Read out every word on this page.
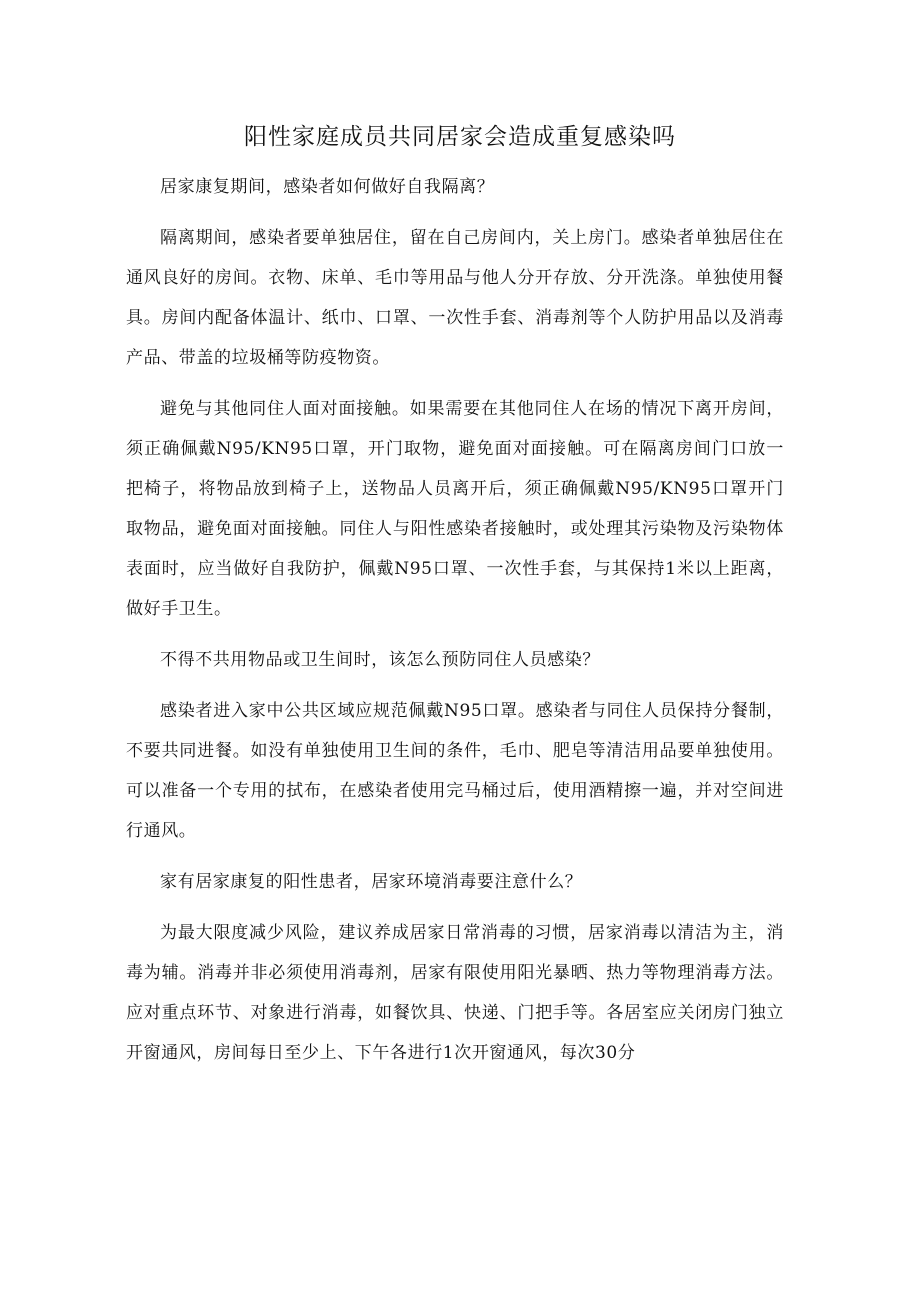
阳性家庭成员共同居家会造成重复感染吗

居家康复期间，感染者如何做好自我隔离？

隔离期间，感染者要单独居住，留在自己房间内，关上房门。感染者单独居住在通风良好的房间。衣物、床单、毛巾等用品与他人分开存放、分开洗涤。单独使用餐具。房间内配备体温计、纸巾、口罩、一次性手套、消毒剂等个人防护用品以及消毒产品、带盖的垃圾桶等防疫物资。

避免与其他同住人面对面接触。如果需要在其他同住人在场的情况下离开房间，须正确佩戴N95/KN95口罩，开门取物，避免面对面接触。可在隔离房间门口放一把椅子，将物品放到椅子上，送物品人员离开后，须正确佩戴N95/KN95口罩开门取物品，避免面对面接触。同住人与阳性感染者接触时，或处理其污染物及污染物体表面时，应当做好自我防护，佩戴N95口罩、一次性手套，与其保持1米以上距离，做好手卫生。

不得不共用物品或卫生间时，该怎么预防同住人员感染？

感染者进入家中公共区域应规范佩戴N95口罩。感染者与同住人员保持分餐制，不要共同进餐。如没有单独使用卫生间的条件，毛巾、肥皂等清洁用品要单独使用。可以准备一个专用的拭布，在感染者使用完马桶过后，使用酒精擦一遍，并对空间进行通风。

家有居家康复的阳性患者，居家环境消毒要注意什么？

为最大限度减少风险，建议养成居家日常消毒的习惯，居家消毒以清洁为主，消毒为辅。消毒并非必须使用消毒剂，居家有限使用阳光暴晒、热力等物理消毒方法。应对重点环节、对象进行消毒，如餐饮具、快递、门把手等。各居室应关闭房门独立开窗通风，房间每日至少上、下午各进行1次开窗通风，每次30分
